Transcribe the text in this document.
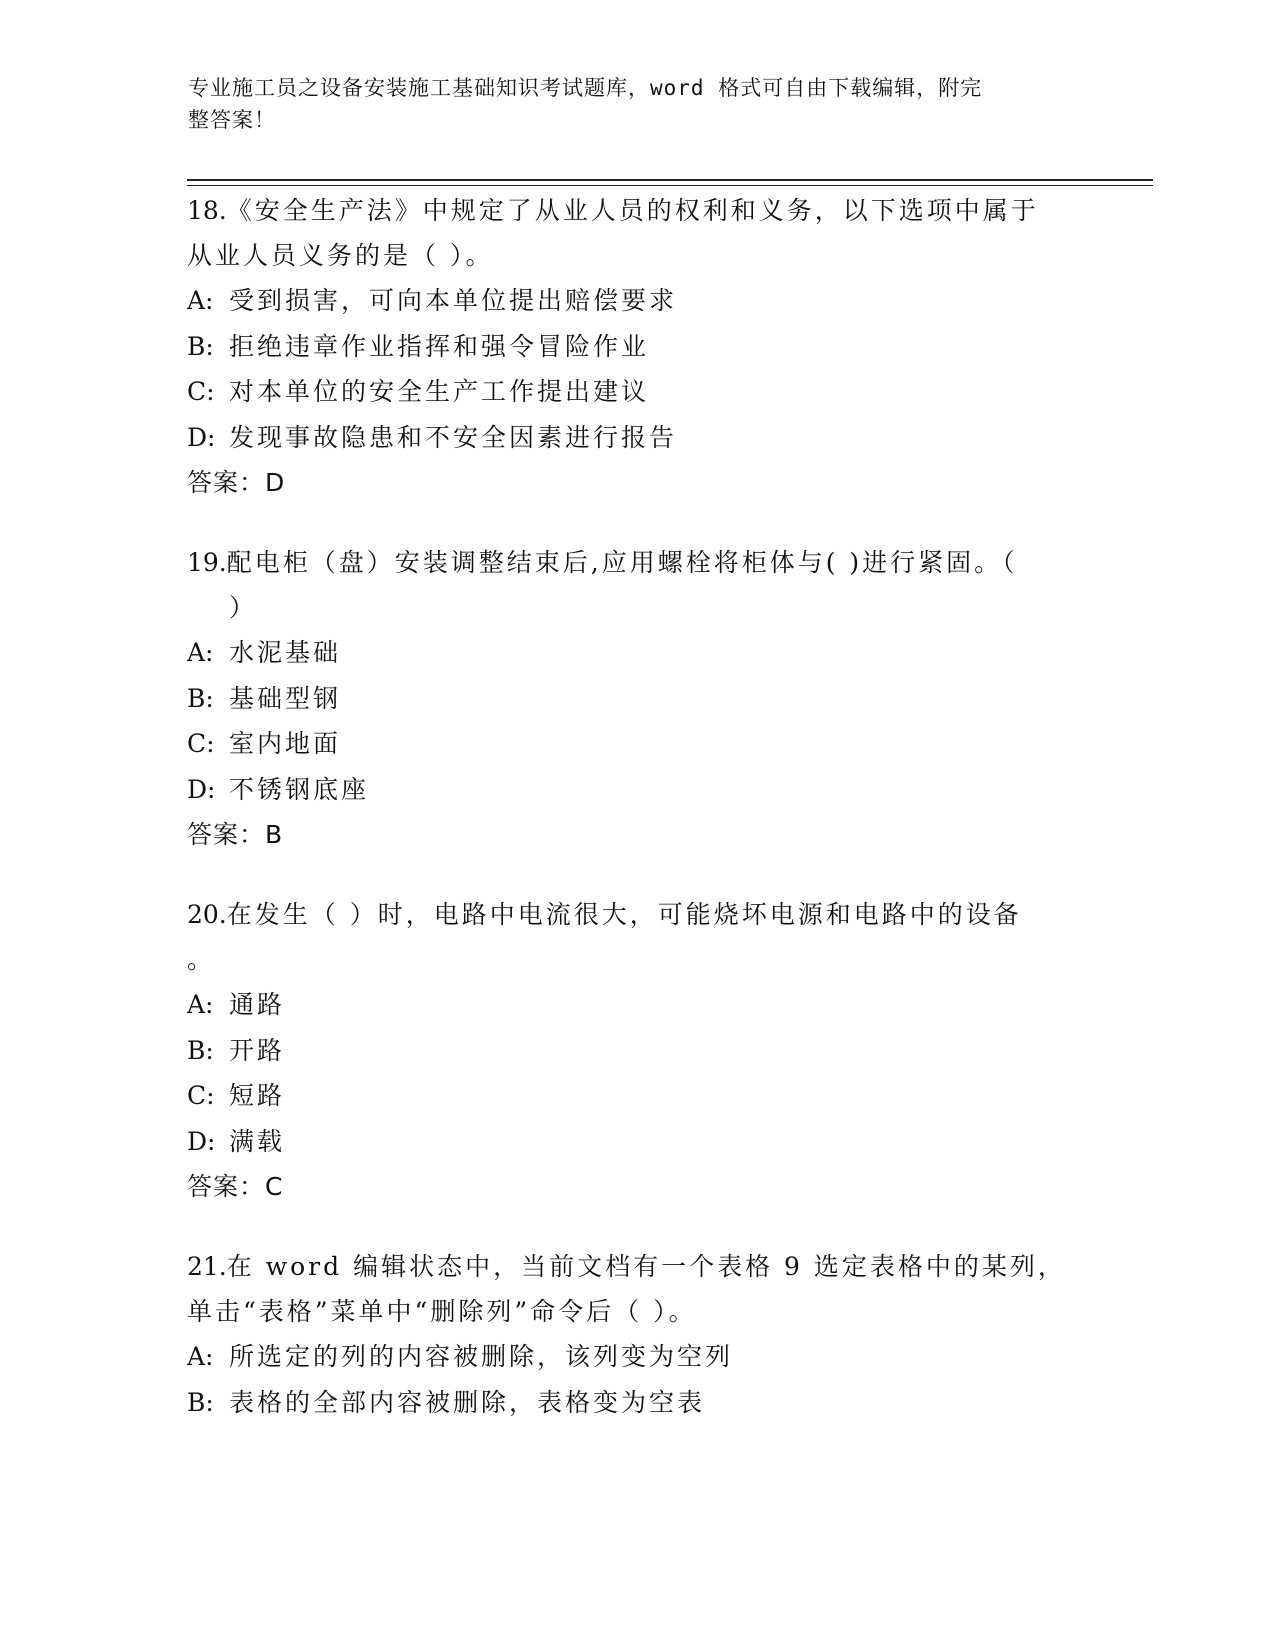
专业施工员之设备安装施工基础知识考试题库，word 格式可自由下载编辑，附完
整答案！
18.《安全生产法》中规定了从业人员的权利和义务，以下选项中属于
从业人员义务的是（ ）。
A: 受到损害，可向本单位提出赔偿要求
B: 拒绝违章作业指挥和强令冒险作业
C: 对本单位的安全生产工作提出建议
D: 发现事故隐患和不安全因素进行报告
答案：D
19.配电柜（盘）安装调整结束后,应用螺栓将柜体与( )进行紧固。（
）
A: 水泥基础
B: 基础型钢
C: 室内地面
D: 不锈钢底座
答案：B
20.在发生（ ）时，电路中电流很大，可能烧坏电源和电路中的设备
。
A: 通路
B: 开路
C: 短路
D: 满载
答案：C
21.在 word 编辑状态中，当前文档有一个表格 9 选定表格中的某列，
单击“表格”菜单中“删除列”命令后（ ）。
A: 所选定的列的内容被删除，该列变为空列
B: 表格的全部内容被删除，表格变为空表
